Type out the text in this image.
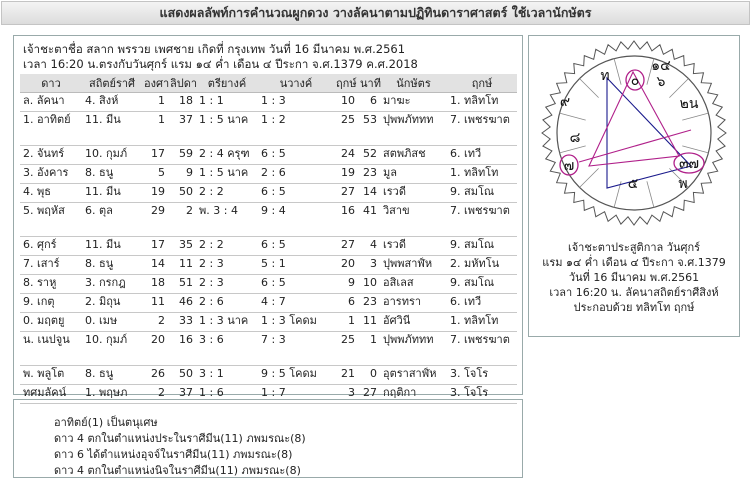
แสดงผลลัพท์การคำนวณผูกดวง วางลัคนาตามปฏิทินดาราศาสตร์ ใช้เวลานักษัตร
เจ้าชะตาชื่อ สลาก พรรวย เพศชาย เกิดที่ กรุงเทพ วันที่ 16 มีนาคม พ.ศ.2561
เวลา 16:20 น.ตรงกับวันศุกร์ แรม ๑๔ ค่ำ เดือน ๔ ปีระกา จ.ศ.1379 ค.ศ.2018
ดาว	สถิตย์ราศี	องศา	ลิปดา	ตรียางค์	นวางค์	ฤกษ์	นาที	นักษัตร	ฤกษ์
ล. ลัคนา	4. สิงห์	1	18	1 : 1	1 : 3	10	6	มาฆะ	1. ทลิทโท
1. อาทิตย์	11. มีน	1	37	1 : 5 นาค	1 : 2	25	53	ปุพพภัททท	7. เพชรฆาต
2. จันทร์	10. กุมภ์	17	59	2 : 4 ครุฑ	6 : 5	24	52	สตพภิสช	6. เทวี
3. อังคาร	8. ธนู	5	9	1 : 5 นาค	2 : 6	19	23	มูล	1. ทลิทโท
4. พุธ	11. มีน	19	50	2 : 2	6 : 5	27	14	เรวดี	9. สมโณ
5. พฤหัส	6. ตุล	29	2	พ. 3 : 4	9 : 4	16	41	วิสาข	7. เพชรฆาต
6. ศุกร์	11. มีน	17	35	2 : 2	6 : 5	27	4	เรวดี	9. สมโณ
7. เสาร์	8. ธนู	14	11	2 : 3	5 : 1	20	3	ปุพพสาฬ์ห	2. มหัทโน
8. ราหู	3. กรกฎ	18	51	2 : 3	6 : 5	9	10	อสิเลส	9. สมโณ
9. เกตุ	2. มิถุน	11	46	2 : 6	4 : 7	6	23	อารทรา	6. เทวี
0. มฤตยู	0. เมษ	2	33	1 : 3 นาค	1 : 3 โคดม	1	11	อัศวินี	1. ทลิทโท
น. เนปจูน	10. กุมภ์	20	16	3 : 6	7 : 3	25	1	ปุพพภัททท	7. เพชรฆาต
พ. พลูโต	8. ธนู	26	50	3 : 1	9 : 5 โคดม	21	0	อุตราสาฬ์ห	3. โจโร
ทศมลัคน์	1. พฤษภ	2	37	1 : 6	1 : 7	3	27	กฤติกา	3. โจโร
อาทิตย์(1) เป็นตนุเศษ
ดาว 4 ตกในตำแหน่งประในราศีมีน(11) ภพมรณะ(8)
ดาว 6 ได้ตำแหน่งอุจจ์ในราศีมีน(11) ภพมรณะ(8)
ดาว 4 ตกในตำแหน่งนิจในราศีมีน(11) ภพมรณะ(8)
ท
๙
๘
๗
๕
๓๗
พ
๒น
๑๔
๖
๐
เจ้าชะตาประสูติกาล วันศุกร์
แรม ๑๔ ค่ำ เดือน ๔ ปีระกา จ.ศ.1379
วันที่ 16 มีนาคม พ.ศ.2561
เวลา 16:20 น. ลัคนาสถิตย์ราศีสิงห์
ประกอบด้วย ทลิทโท ฤกษ์
